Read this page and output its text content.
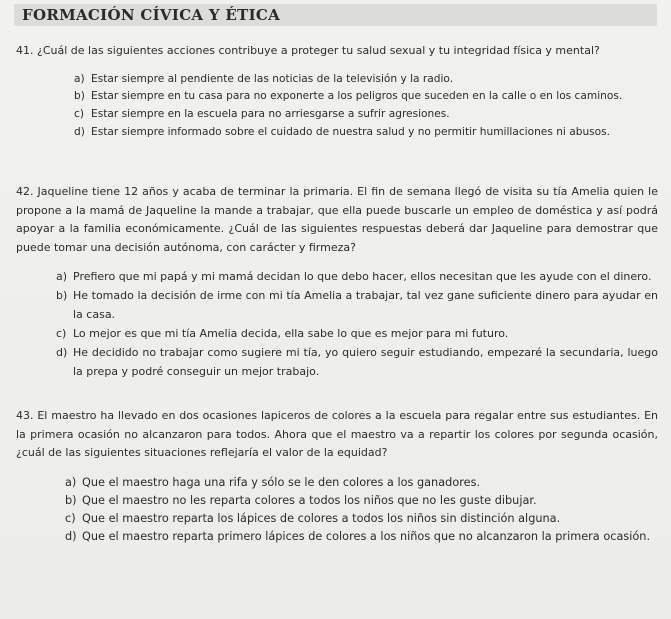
FORMACIÓN CÍVICA Y ÉTICA

41. ¿Cuál de las siguientes acciones contribuye a proteger tu salud sexual y tu integridad física y mental?

a) Estar siempre al pendiente de las noticias de la televisión y la radio.
b) Estar siempre en tu casa para no exponerte a los peligros que suceden en la calle o en los caminos.
c) Estar siempre en la escuela para no arriesgarse a sufrir agresiones.
d) Estar siempre informado sobre el cuidado de nuestra salud y no permitir humillaciones ni abusos.

42. Jaqueline tiene 12 años y acaba de terminar la primaria. El fin de semana llegó de visita su tía Amelia quien le propone a la mamá de Jaqueline la mande a trabajar, que ella puede buscarle un empleo de doméstica y así podrá apoyar a la familia económicamente. ¿Cuál de las siguientes respuestas deberá dar Jaqueline para demostrar que puede tomar una decisión autónoma, con carácter y firmeza?

a) Prefiero que mi papá y mi mamá decidan lo que debo hacer, ellos necesitan que les ayude con el dinero.
b) He tomado la decisión de irme con mi tía Amelia a trabajar, tal vez gane suficiente dinero para ayudar en la casa.
c) Lo mejor es que mi tía Amelia decida, ella sabe lo que es mejor para mi futuro.
d) He decidido no trabajar como sugiere mi tía, yo quiero seguir estudiando, empezaré la secundaria, luego la prepa y podré conseguir un mejor trabajo.

43. El maestro ha llevado en dos ocasiones lapiceros de colores a la escuela para regalar entre sus estudiantes. En la primera ocasión no alcanzaron para todos. Ahora que el maestro va a repartir los colores por segunda ocasión, ¿cuál de las siguientes situaciones reflejaría el valor de la equidad?

a) Que el maestro haga una rifa y sólo se le den colores a los ganadores.
b) Que el maestro no les reparta colores a todos los niños que no les guste dibujar.
c) Que el maestro reparta los lápices de colores a todos los niños sin distinción alguna.
d) Que el maestro reparta primero lápices de colores a los niños que no alcanzaron la primera ocasión.
